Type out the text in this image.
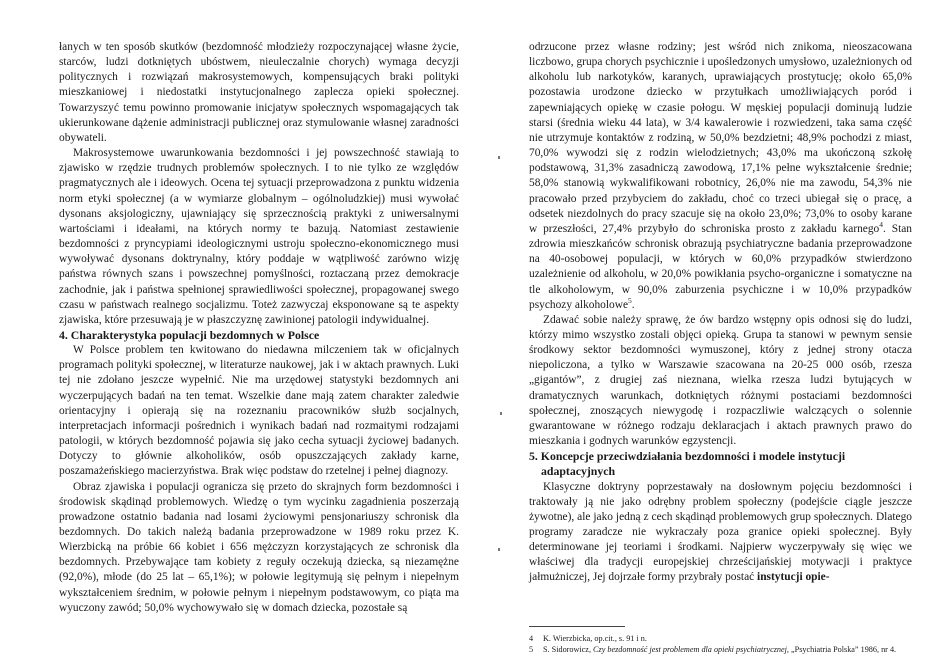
łanych w ten sposób skutków (bezdomność młodzieży rozpoczynającej własne życie, starców, ludzi dotkniętych ubóstwem, nieuleczalnie chorych) wymaga decyzji politycznych i rozwiązań makrosystemowych, kompensujących braki polityki mieszkaniowej i niedostatki instytucjonalnego zaplecza opieki społecznej. Towarzyszyć temu powinno promowanie inicjatyw społecznych wspomagających tak ukierunkowane dążenie administracji publicznej oraz stymulowanie własnej zaradności obywateli.

Makrosystemowe uwarunkowania bezdomności i jej powszechność stawiają to zjawisko w rzędzie trudnych problemów społecznych. I to nie tylko ze względów pragmatycznych ale i ideowych. Ocena tej sytuacji przeprowadzona z punktu widzenia norm etyki społecznej (a w wymiarze globalnym – ogólnoludzkiej) musi wywołać dysonans aksjologiczny, ujawniający się sprzecznością praktyki z uniwersalnymi wartościami i ideałami, na których normy te bazują. Natomiast zestawienie bezdomności z pryncypiami ideologicznymi ustroju społeczno-ekonomicznego musi wywoływać dysonans doktrynalny, który poddaje w wątpliwość zarówno wizję państwa równych szans i powszechnej pomyślności, roztaczaną przez demokracje zachodnie, jak i państwa spełnionej sprawiedliwości społecznej, propagowanej swego czasu w państwach realnego socjalizmu. Toteż zazwyczaj eksponowane są te aspekty zjawiska, które przesuwają je w płaszczyznę zawinionej patologii indywidualnej.

4. Charakterystyka populacji bezdomnych w Polsce

W Polsce problem ten kwitowano do niedawna milczeniem tak w oficjalnych programach polityki społecznej, w literaturze naukowej, jak i w aktach prawnych. Luki tej nie zdołano jeszcze wypełnić. Nie ma urzędowej statystyki bezdomnych ani wyczerpujących badań na ten temat. Wszelkie dane mają zatem charakter zaledwie orientacyjny i opierają się na rozeznaniu pracowników służb socjalnych, interpretacjach informacji pośrednich i wynikach badań nad rozmaitymi rodzajami patologii, w których bezdomność pojawia się jako cecha sytuacji życiowej badanych. Dotyczy to głównie alkoholików, osób opuszczających zakłady karne, poszamażeńskiego macierzyństwa. Brak więc podstaw do rzetelnej i pełnej diagnozy.

Obraz zjawiska i populacji ogranicza się przeto do skrajnych form bezdomności i środowisk skądinąd problemowych. Wiedzę o tym wycinku zagadnienia poszerzają prowadzone ostatnio badania nad losami życiowymi pensjonariuszy schronisk dla bezdomnych. Do takich należą badania przeprowadzone w 1989 roku przez K. Wierzbicką na próbie 66 kobiet i 656 mężczyzn korzystających ze schronisk dla bezdomnych. Przebywające tam kobiety z reguły oczekują dziecka, są niezamężne (92,0%), młode (do 25 lat – 65,1%); w połowie legitymują się pełnym i niepełnym wykształceniem średnim, w połowie pełnym i niepełnym podstawowym, co piąta ma wyuczony zawód; 50,0% wychowywało się w domach dziecka, pozostałe są

odrzucone przez własne rodziny; jest wśród nich znikoma, nieoszacowana liczbowo, grupa chorych psychicznie i upośledzonych umysłowo, uzależnionych od alkoholu lub narkotyków, karanych, uprawiających prostytucję; około 65,0% pozostawia urodzone dziecko w przytułkach umożliwiających poród i zapewniających opiekę w czasie połogu. W męskiej populacji dominują ludzie starsi (średnia wieku 44 lata), w 3/4 kawalerowie i rozwiedzeni, taka sama część nie utrzymuje kontaktów z rodziną, w 50,0% bezdzietni; 48,9% pochodzi z miast, 70,0% wywodzi się z rodzin wielodzietnych; 43,0% ma ukończoną szkołę podstawową, 31,3% zasadniczą zawodową, 17,1% pełne wykształcenie średnie; 58,0% stanowią wykwalifikowani robotnicy, 26,0% nie ma zawodu, 54,3% nie pracowało przed przybyciem do zakładu, choć co trzeci ubiegał się o pracę, a odsetek niezdolnych do pracy szacuje się na około 23,0%; 73,0% to osoby karane w przeszłości, 27,4% przybyło do schroniska prosto z zakładu karnego$^4$. Stan zdrowia mieszkańców schronisk obrazują psychiatryczne badania przeprowadzone na 40-osobowej populacji, w których w 60,0% przypadków stwierdzono uzależnienie od alkoholu, w 20,0% powikłania psycho-organiczne i somatyczne na tle alkoholowym, w 90,0% zaburzenia psychiczne i w 10,0% przypadków psychozy alkoholowe$^5$.

Zdawać sobie należy sprawę, że ów bardzo wstępny opis odnosi się do ludzi, którzy mimo wszystko zostali objęci opieką. Grupa ta stanowi w pewnym sensie środkowy sektor bezdomności wymuszonej, który z jednej strony otacza niepoliczona, a tylko w Warszawie szacowana na 20-25 000 osób, rzesza „gigantów”, z drugiej zaś nieznana, wielka rzesza ludzi bytujących w dramatycznych warunkach, dotkniętych różnymi postaciami bezdomności społecznej, znoszących niewygodę i rozpaczliwie walczących o solennie gwarantowane w różnego rodzaju deklaracjach i aktach prawnych prawo do mieszkania i godnych warunków egzystencji.

5. Koncepcje przeciwdziałania bezdomności i modele instytucji adaptacyjnych

Klasyczne doktryny poprzestawały na dosłownym pojęciu bezdomności i traktowały ją nie jako odrębny problem społeczny (podejście ciągle jeszcze żywotne), ale jako jedną z cech skądinąd problemowych grup społecznych. Dlatego programy zaradcze nie wykraczały poza granice opieki społecznej. Były determinowane jej teoriami i środkami. Najpierw wyczerpywały się więc we właściwej dla tradycji europejskiej chrześcijańskiej motywacji i praktyce jałmużniczej, Jej dojrzałe formy przybrały postać instytucji opie-

4 K. Wierzbicka, op.cit., s. 91 i n.
5 S. Sidorowicz, Czy bezdomność jest problemem dla opieki psychiatrycznej, „Psychiatria Polska” 1986, nr 4.
